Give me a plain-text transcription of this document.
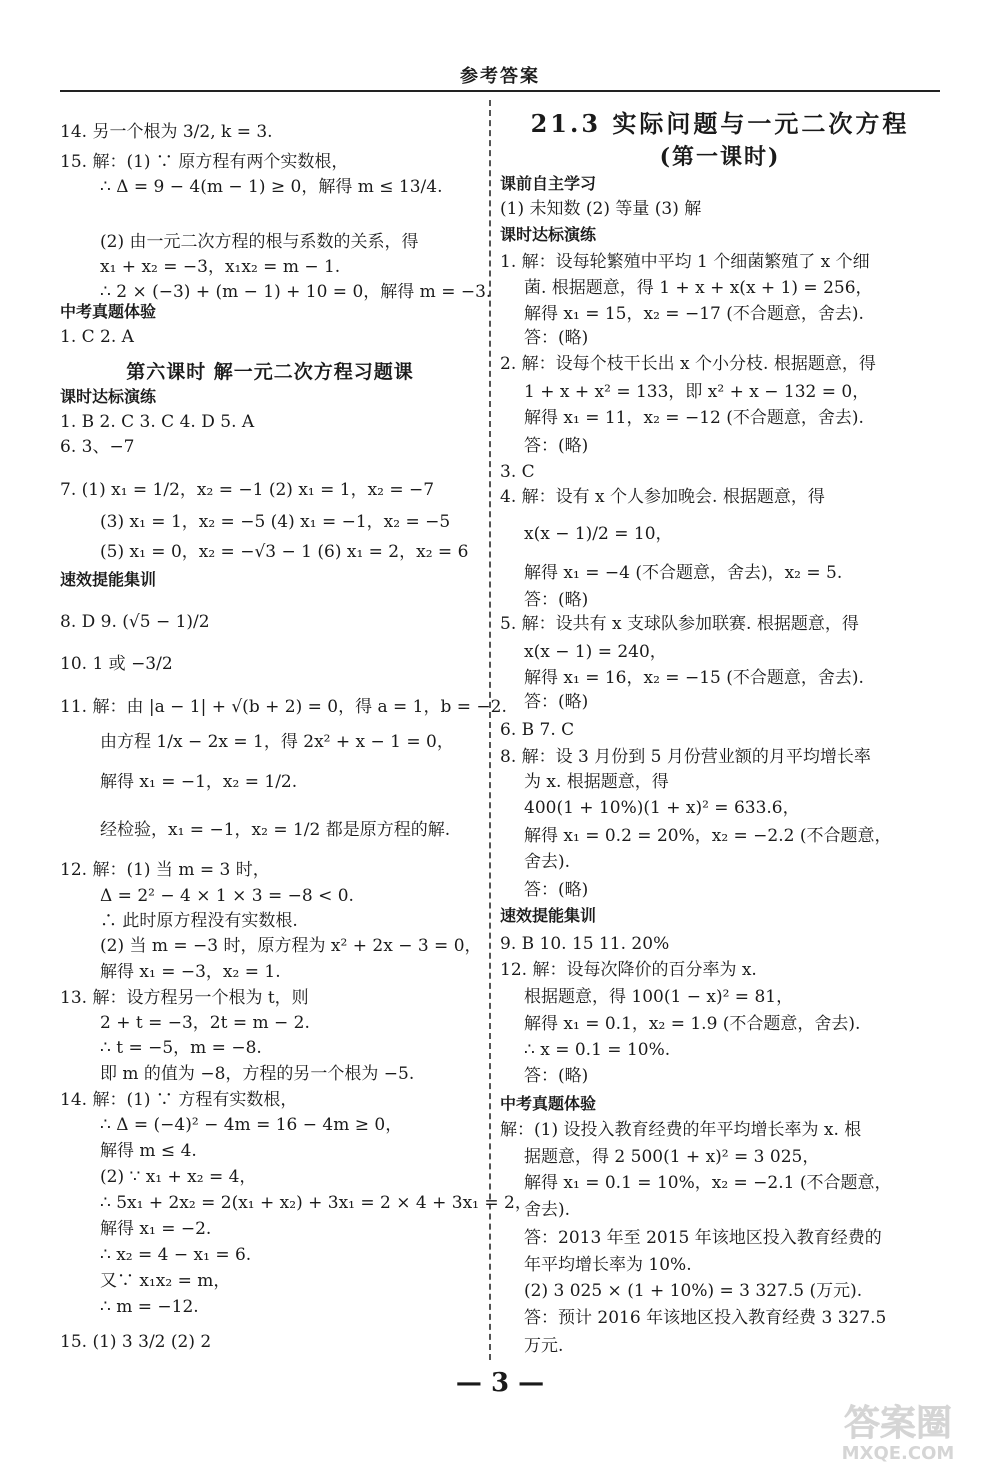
参考答案
14. 另一个根为 3/2, k = 3.
15. 解：(1) ∵ 原方程有两个实数根，
∴ Δ = 9 − 4(m − 1) ≥ 0，解得 m ≤ 13/4.
(2) 由一元二次方程的根与系数的关系，得
x₁ + x₂ = −3，x₁x₂ = m − 1.
∴ 2 × (−3) + (m − 1) + 10 = 0，解得 m = −3.
中考真题体验
1. C 2. A
第六课时 解一元二次方程习题课
课时达标演练
1. B 2. C 3. C 4. D 5. A
6. 3、−7
7. (1) x₁ = 1/2，x₂ = −1 (2) x₁ = 1，x₂ = −7
(3) x₁ = 1，x₂ = −5 (4) x₁ = −1，x₂ = −5
(5) x₁ = 0，x₂ = −√3 − 1 (6) x₁ = 2，x₂ = 6
速效提能集训
8. D 9. (√5 − 1)/2
10. 1 或 −3/2
11. 解：由 |a − 1| + √(b + 2) = 0，得 a = 1，b = −2.
由方程 1/x − 2x = 1，得 2x² + x − 1 = 0，
解得 x₁ = −1，x₂ = 1/2.
经检验，x₁ = −1，x₂ = 1/2 都是原方程的解.
12. 解：(1) 当 m = 3 时，
Δ = 2² − 4 × 1 × 3 = −8 < 0.
∴ 此时原方程没有实数根.
(2) 当 m = −3 时，原方程为 x² + 2x − 3 = 0，
解得 x₁ = −3，x₂ = 1.
13. 解：设方程另一个根为 t，则
2 + t = −3，2t = m − 2.
∴ t = −5，m = −8.
即 m 的值为 −8，方程的另一个根为 −5.
14. 解：(1) ∵ 方程有实数根，
∴ Δ = (−4)² − 4m = 16 − 4m ≥ 0，
解得 m ≤ 4.
(2) ∵ x₁ + x₂ = 4，
∴ 5x₁ + 2x₂ = 2(x₁ + x₂) + 3x₁ = 2 × 4 + 3x₁ = 2，
解得 x₁ = −2.
∴ x₂ = 4 − x₁ = 6.
又∵ x₁x₂ = m，
∴ m = −12.
15. (1) 3 3/2 (2) 2
21.3 实际问题与一元二次方程
(第一课时)
课前自主学习
(1) 未知数 (2) 等量 (3) 解
课时达标演练
1. 解：设每轮繁殖中平均 1 个细菌繁殖了 x 个细
菌. 根据题意，得 1 + x + x(x + 1) = 256，
解得 x₁ = 15，x₂ = −17 (不合题意，舍去).
答：(略)
2. 解：设每个枝干长出 x 个小分枝. 根据题意，得
1 + x + x² = 133，即 x² + x − 132 = 0，
解得 x₁ = 11，x₂ = −12 (不合题意，舍去).
答：(略)
3. C
4. 解：设有 x 个人参加晚会. 根据题意，得
x(x − 1)/2 = 10，
解得 x₁ = −4 (不合题意，舍去)，x₂ = 5.
答：(略)
5. 解：设共有 x 支球队参加联赛. 根据题意，得
x(x − 1) = 240，
解得 x₁ = 16，x₂ = −15 (不合题意，舍去).
答：(略)
6. B 7. C
8. 解：设 3 月份到 5 月份营业额的月平均增长率
为 x. 根据题意，得
400(1 + 10%)(1 + x)² = 633.6，
解得 x₁ = 0.2 = 20%，x₂ = −2.2 (不合题意，
舍去).
答：(略)
速效提能集训
9. B 10. 15 11. 20%
12. 解：设每次降价的百分率为 x.
根据题意，得 100(1 − x)² = 81，
解得 x₁ = 0.1，x₂ = 1.9 (不合题意，舍去).
∴ x = 0.1 = 10%.
答：(略)
中考真题体验
解：(1) 设投入教育经费的年平均增长率为 x. 根
据题意，得 2 500(1 + x)² = 3 025，
解得 x₁ = 0.1 = 10%，x₂ = −2.1 (不合题意，
舍去).
答：2013 年至 2015 年该地区投入教育经费的
年平均增长率为 10%.
(2) 3 025 × (1 + 10%) = 3 327.5 (万元).
答：预计 2016 年该地区投入教育经费 3 327.5
万元.
— 3 —
答案圈
MXQE.COM
